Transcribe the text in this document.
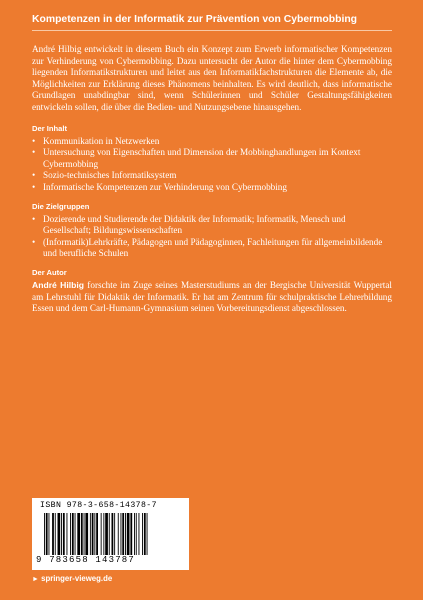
Kompetenzen in der Informatik zur Prävention von Cybermobbing

André Hilbig entwickelt in diesem Buch ein Konzept zum Erwerb informatischer Kompetenzen zur Verhinderung von Cybermobbing. Dazu untersucht der Autor die hinter dem Cybermobbing liegenden Informatikstrukturen und leitet aus den Informatikfachstrukturen die Elemente ab, die Möglichkeiten zur Erklärung dieses Phänomens beinhalten. Es wird deutlich, dass informatische Grundlagen unabdingbar sind, wenn Schülerinnen und Schüler Gestaltungsfähigkeiten entwickeln sollen, die über die Bedien- und Nutzungsebene hinausgehen.

Der Inhalt
• Kommunikation in Netzwerken
• Untersuchung von Eigenschaften und Dimension der Mobbinghandlungen im Kontext Cybermobbing
• Sozio-technisches Informatiksystem
• Informatische Kompetenzen zur Verhinderung von Cybermobbing
Die Zielgruppen
• Dozierende und Studierende der Didaktik der Informatik; Informatik, Mensch und Gesellschaft; Bildungswissenschaften
• (Informatik)Lehrkräfte, Pädagogen und Pädagoginnen, Fachleitungen für allgemeinbildende und berufliche Schulen
Der Autor

André Hilbig forschte im Zuge seines Masterstudiums an der Bergische Universität Wuppertal am Lehrstuhl für Didaktik der Informatik. Er hat am Zentrum für schulpraktische Lehrerbildung Essen und dem Carl-Humann-Gymnasium seinen Vorbereitungsdienst abgeschlossen.

ISBN 978-3-658-14378-7
9 783658 143787
► springer-vieweg.de
